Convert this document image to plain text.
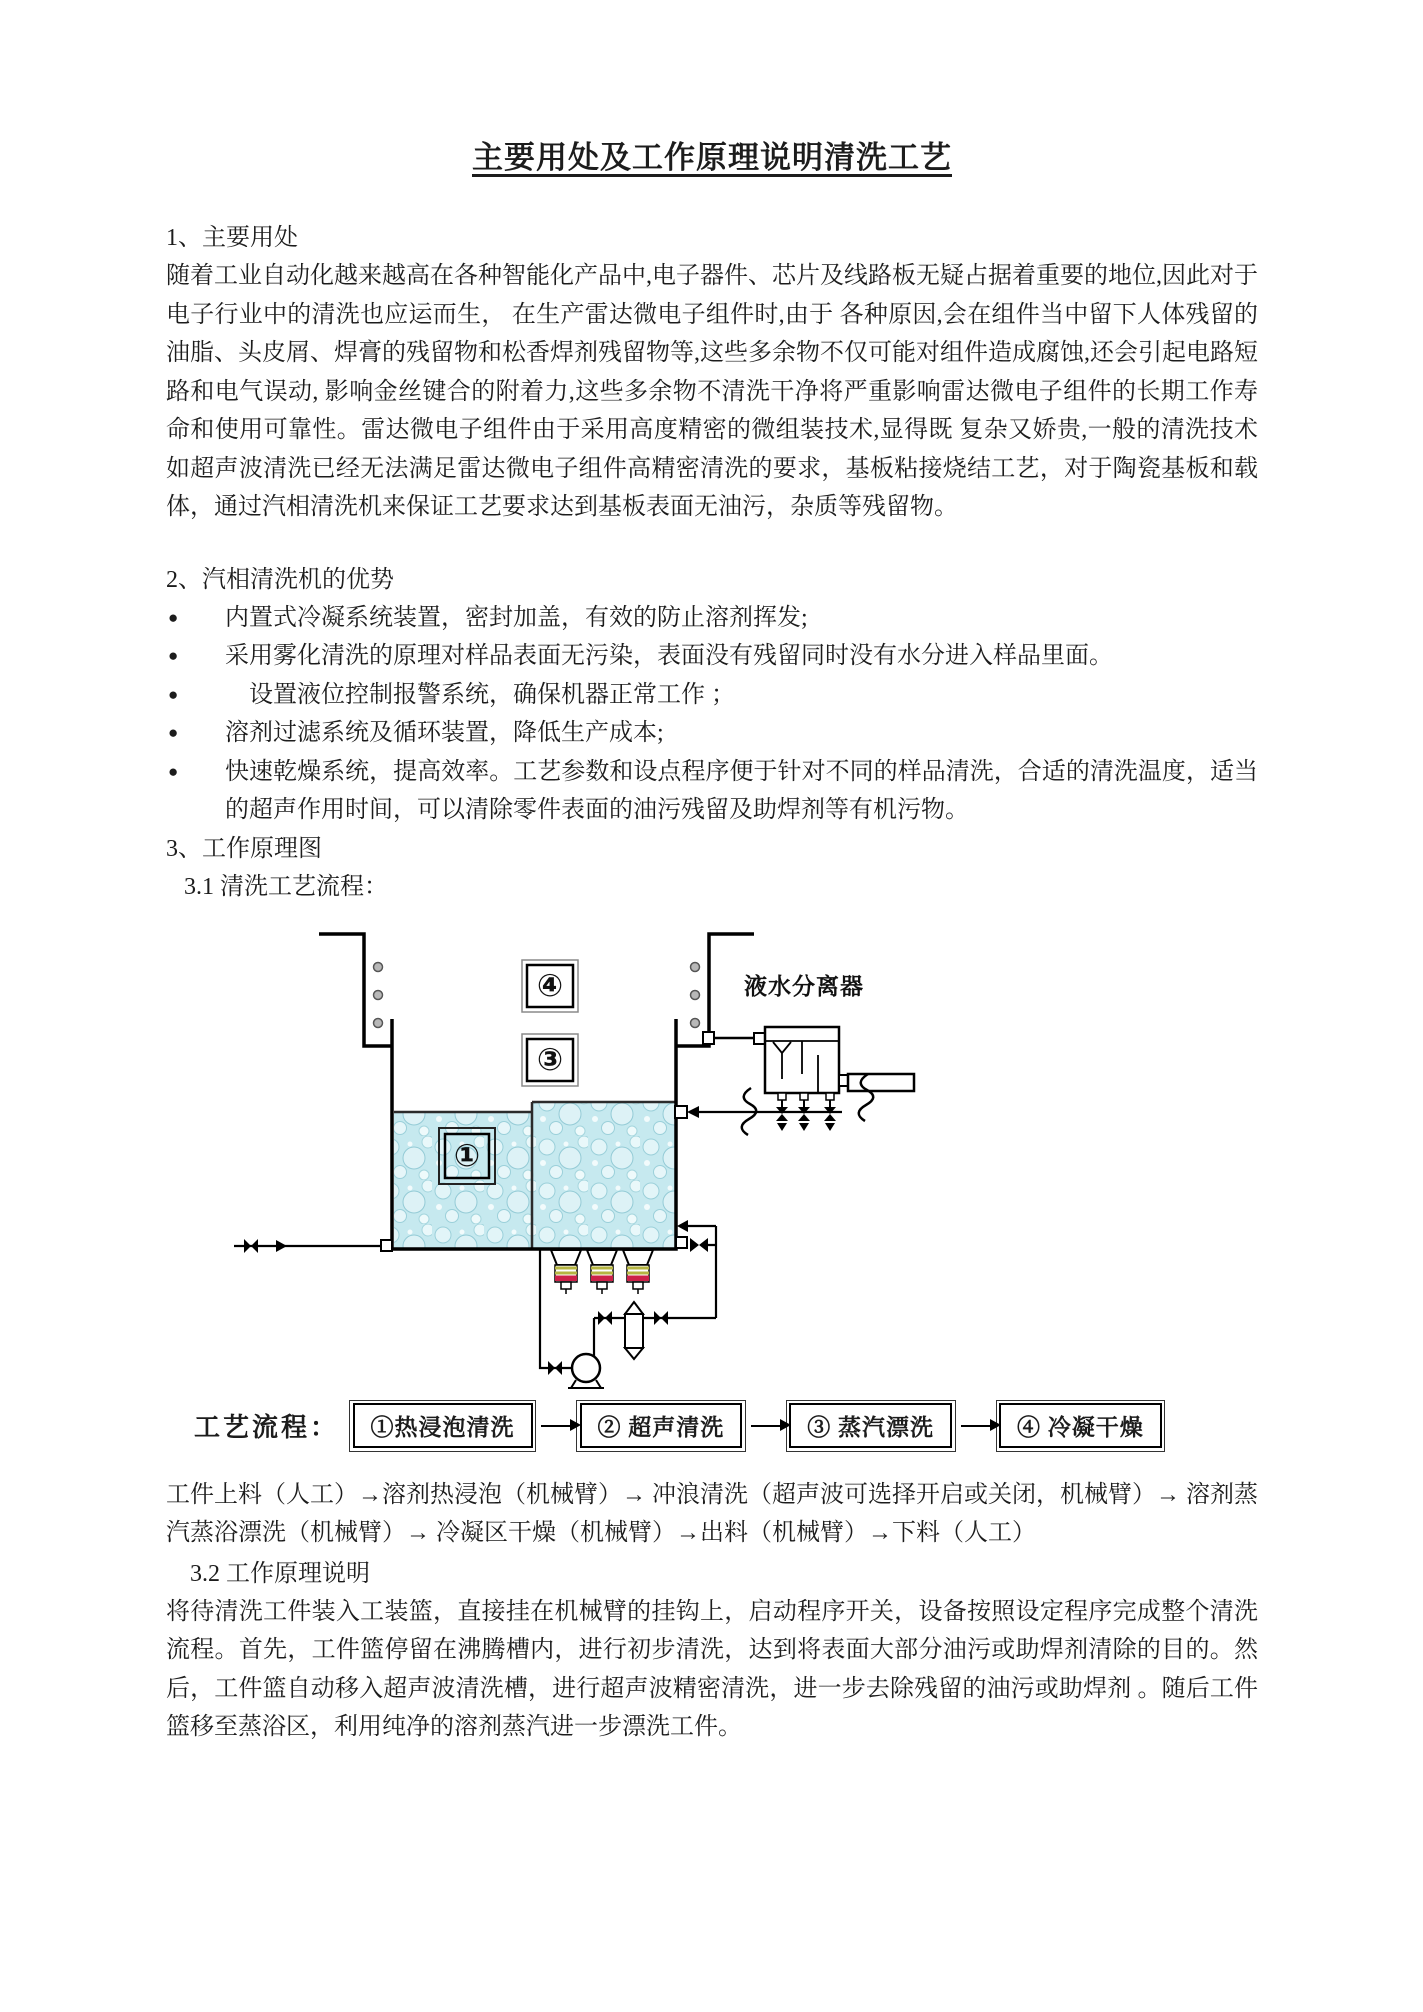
主要用处及工作原理说明清洗工艺
1、主要用处

随着工业自动化越来越高在各种智能化产品中,电子器件、芯片及线路板无疑占据着重要的地位,因此对于电子行业中的清洗也应运而生， 在生产雷达微电子组件时,由于 各种原因,会在组件当中留下人体残留的油脂、头皮屑、焊膏的残留物和松香焊剂残留物等,这些多余物不仅可能对组件造成腐蚀,还会引起电路短路和电气误动, 影响金丝键合的附着力,这些多余物不清洗干净将严重影响雷达微电子组件的长期工作寿命和使用可靠性。雷达微电子组件由于采用高度精密的微组装技术,显得既 复杂又娇贵,一般的清洗技术如超声波清洗已经无法满足雷达微电子组件高精密清洗的要求，基板粘接烧结工艺，对于陶瓷基板和载体，通过汽相清洗机来保证工艺要求达到基板表面无油污，杂质等残留物。

2、汽相清洗机的优势
●	内置式冷凝系统装置，密封加盖，有效的防止溶剂挥发;
●	采用雾化清洗的原理对样品表面无污染，表面没有残留同时没有水分进入样品里面。
●	　设置液位控制报警系统，确保机器正常工作 ；
●	溶剂过滤系统及循环装置，降低生产成本;
●	快速乾燥系统，提高效率。工艺参数和设点程序便于针对不同的样品清洗，合适的清洗温度，适当的超声作用时间，可以清除零件表面的油污残留及助焊剂等有机污物。
3、工作原理图
3.1 清洗工艺流程：
液水分离器
④
③
①
工艺流程：	①热浸泡清洗	② 超声清洗	③ 蒸汽漂洗	④ 冷凝干燥

工件上料（人工）→溶剂热浸泡（机械臂）→ 冲浪清洗（超声波可选择开启或关闭，机械臂）→ 溶剂蒸汽蒸浴漂洗（机械臂）→ 冷凝区干燥（机械臂）→出料（机械臂）→下料（人工）

3.2 工作原理说明

将待清洗工件装入工装篮，直接挂在机械臂的挂钩上，启动程序开关，设备按照设定程序完成整个清洗流程。首先，工件篮停留在沸腾槽内，进行初步清洗，达到将表面大部分油污或助焊剂清除的目的。然后，工件篮自动移入超声波清洗槽，进行超声波精密清洗，进一步去除残留的油污或助焊剂 。随后工件篮移至蒸浴区，利用纯净的溶剂蒸汽进一步漂洗工件。
